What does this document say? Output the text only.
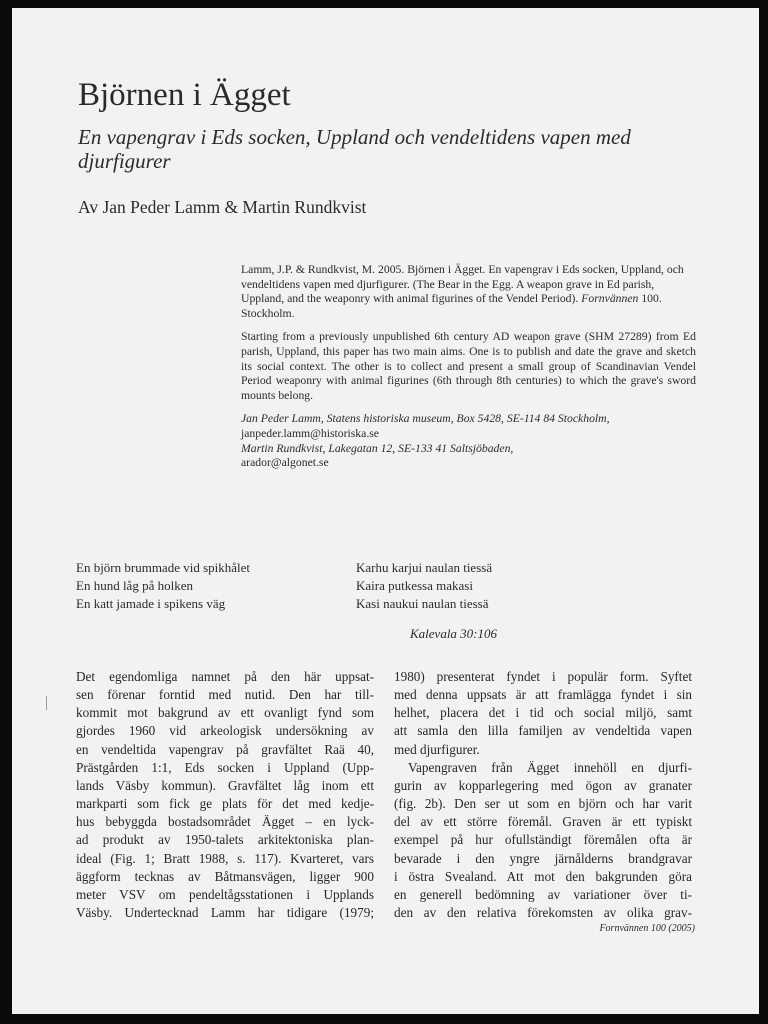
Björnen i Ägget
En vapengrav i Eds socken, Uppland och vendeltidens vapen med djurfigurer
Av Jan Peder Lamm & Martin Rundkvist

Lamm, J.P. & Rundkvist, M. 2005. Björnen i Ägget. En vapengrav i Eds socken, Uppland, och vendeltidens vapen med djurfigurer. (The Bear in the Egg. A weapon grave in Ed parish, Uppland, and the weaponry with animal figurines of the Vendel Period). Fornvännen 100. Stockholm.

Starting from a previously unpublished 6th century AD weapon grave (SHM 27289) from Ed parish, Uppland, this paper has two main aims. One is to publish and date the grave and sketch its social context. The other is to collect and present a small group of Scandinavian Vendel Period weaponry with animal figurines (6th through 8th centuries) to which the grave's sword mounts belong.

Jan Peder Lamm, Statens historiska museum, Box 5428, SE-114 84 Stockholm,
janpeder.lamm@historiska.se
Martin Rundkvist, Lakegatan 12, SE-133 41 Saltsjöbaden,
arador@algonet.se
En björn brummade vid spikhålet
En hund låg på holken
En katt jamade i spikens väg
Karhu karjui naulan tiessä
Kaira putkessa makasi
Kasi naukui naulan tiessä
Kalevala 30:106

Det egendomliga namnet på den här uppsat-
sen förenar forntid med nutid. Den har till-
kommit mot bakgrund av ett ovanligt fynd som
gjordes 1960 vid arkeologisk undersökning av
en vendeltida vapengrav på gravfältet Raä 40,
Prästgården 1:1, Eds socken i Uppland (Upp-
lands Väsby kommun). Gravfältet låg inom ett
markparti som fick ge plats för det med kedje-
hus bebyggda bostadsområdet Ägget – en lyck-
ad produkt av 1950-talets arkitektoniska plan-
ideal (Fig. 1; Bratt 1988, s. 117). Kvarteret, vars
äggform tecknas av Båtmansvägen, ligger 900
meter VSV om pendeltågsstationen i Upplands
Väsby. Undertecknad Lamm har tidigare (1979;

1980) presenterat fyndet i populär form. Syftet
med denna uppsats är att framlägga fyndet i sin
helhet, placera det i tid och social miljö, samt
att samla den lilla familjen av vendeltida vapen
med djurfigurer.

Vapengraven från Ägget innehöll en djurfi-
gurin av kopparlegering med ögon av granater
(fig. 2b). Den ser ut som en björn och har varit
del av ett större föremål. Graven är ett typiskt
exempel på hur ofullständigt föremålen ofta är
bevarade i den yngre järnålderns brandgravar
i östra Svealand. Att mot den bakgrunden göra
en generell bedömning av variationer över ti-
den av den relativa förekomsten av olika grav-

Fornvännen 100 (2005)
